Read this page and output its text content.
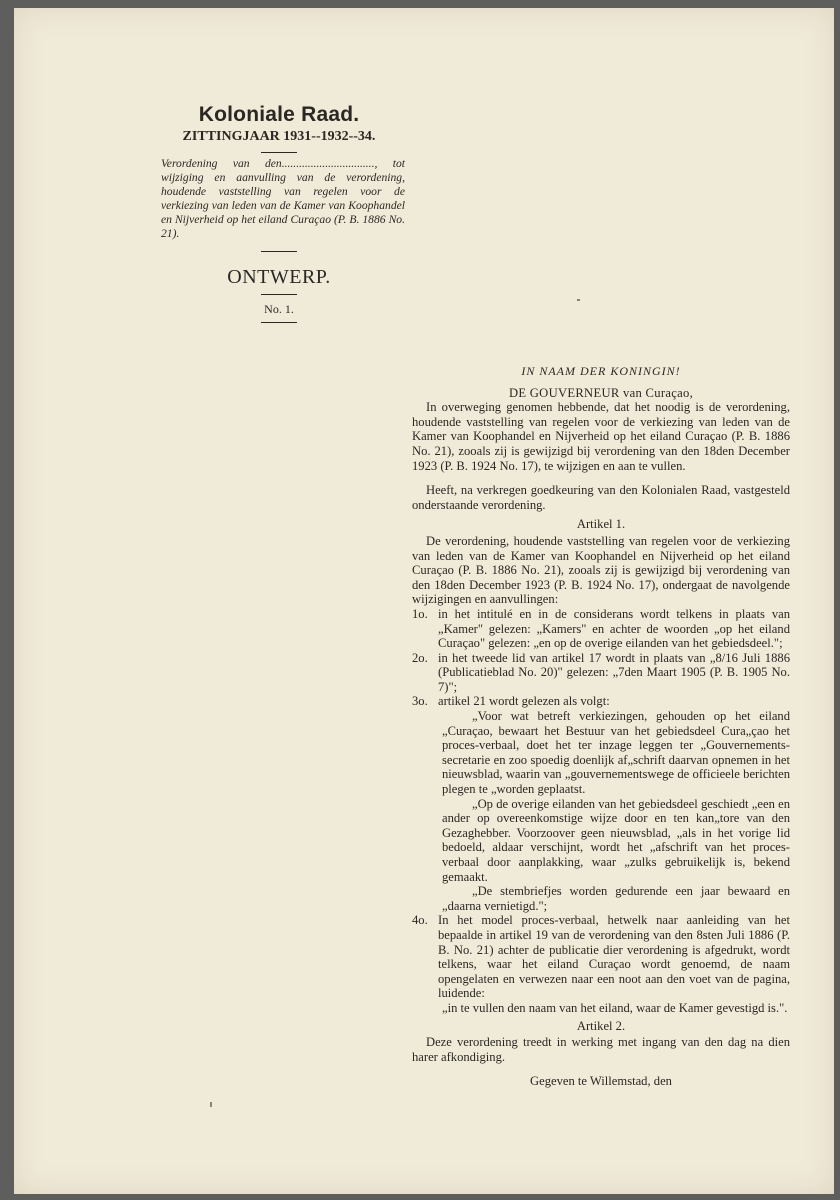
Koloniale Raad.
ZITTINGJAAR 1931--1932--34.
Verordening van den................................, tot wijziging en aanvulling van de verordening, houdende vaststelling van regelen voor de verkiezing van leden van de Kamer van Koophandel en Nijverheid op het eiland Curaçao (P. B. 1886 No. 21).
ONTWERP.
No. 1.
IN NAAM DER KONINGIN!
DE GOUVERNEUR van Curaçao,
In overweging genomen hebbende, dat het noodig is de verordening, houdende vaststelling van regelen voor de verkiezing van leden van de Kamer van Koophandel en Nijverheid op het eiland Curaçao (P. B. 1886 No. 21), zooals zij is gewijzigd bij verordening van den 18den December 1923 (P. B. 1924 No. 17), te wijzigen en aan te vullen.
Heeft, na verkregen goedkeuring van den Kolonialen Raad, vastgesteld onderstaande verordening.
Artikel 1.
De verordening, houdende vaststelling van regelen voor de verkiezing van leden van de Kamer van Koophandel en Nijverheid op het eiland Curaçao (P. B. 1886 No. 21), zooals zij is gewijzigd bij verordening van den 18den December 1923 (P. B. 1924 No. 17), ondergaat de navolgende wijzigingen en aanvullingen:
1o. in het intitulé en in de considerans wordt telkens in plaats van „Kamer" gelezen: „Kamers" en achter de woorden „op het eiland Curaçao" gelezen: „en op de overige eilanden van het gebiedsdeel.";
2o. in het tweede lid van artikel 17 wordt in plaats van „8/16 Juli 1886 (Publicatieblad No. 20)" gelezen: „7den Maart 1905 (P. B. 1905 No. 7)";
3o. artikel 21 wordt gelezen als volgt:
„Voor wat betreft verkiezingen, gehouden op het eiland „Curaçao, bewaart het Bestuur van het gebiedsdeel Cura„çao het proces-verbaal, doet het ter inzage leggen ter „Gouvernements-secretarie en zoo spoedig doenlijk af„schrift daarvan opnemen in het nieuwsblad, waarin van „gouvernementswege de officieele berichten plegen te „worden geplaatst.
„Op de overige eilanden van het gebiedsdeel geschiedt „een en ander op overeenkomstige wijze door en ten kan„tore van den Gezaghebber. Voorzoover geen nieuwsblad, „als in het vorige lid bedoeld, aldaar verschijnt, wordt het „afschrift van het proces-verbaal door aanplakking, waar „zulks gebruikelijk is, bekend gemaakt.
„De stembriefjes worden gedurende een jaar bewaard en „daarna vernietigd.";
4o. In het model proces-verbaal, hetwelk naar aanleiding van het bepaalde in artikel 19 van de verordening van den 8sten Juli 1886 (P. B. No. 21) achter de publicatie dier verordening is afgedrukt, wordt telkens, waar het eiland Curaçao wordt genoemd, de naam opengelaten en verwezen naar een noot aan den voet van de pagina, luidende:
„in te vullen den naam van het eiland, waar de Kamer gevestigd is.".
Artikel 2.
Deze verordening treedt in werking met ingang van den dag na dien harer afkondiging.
Gegeven te Willemstad, den
